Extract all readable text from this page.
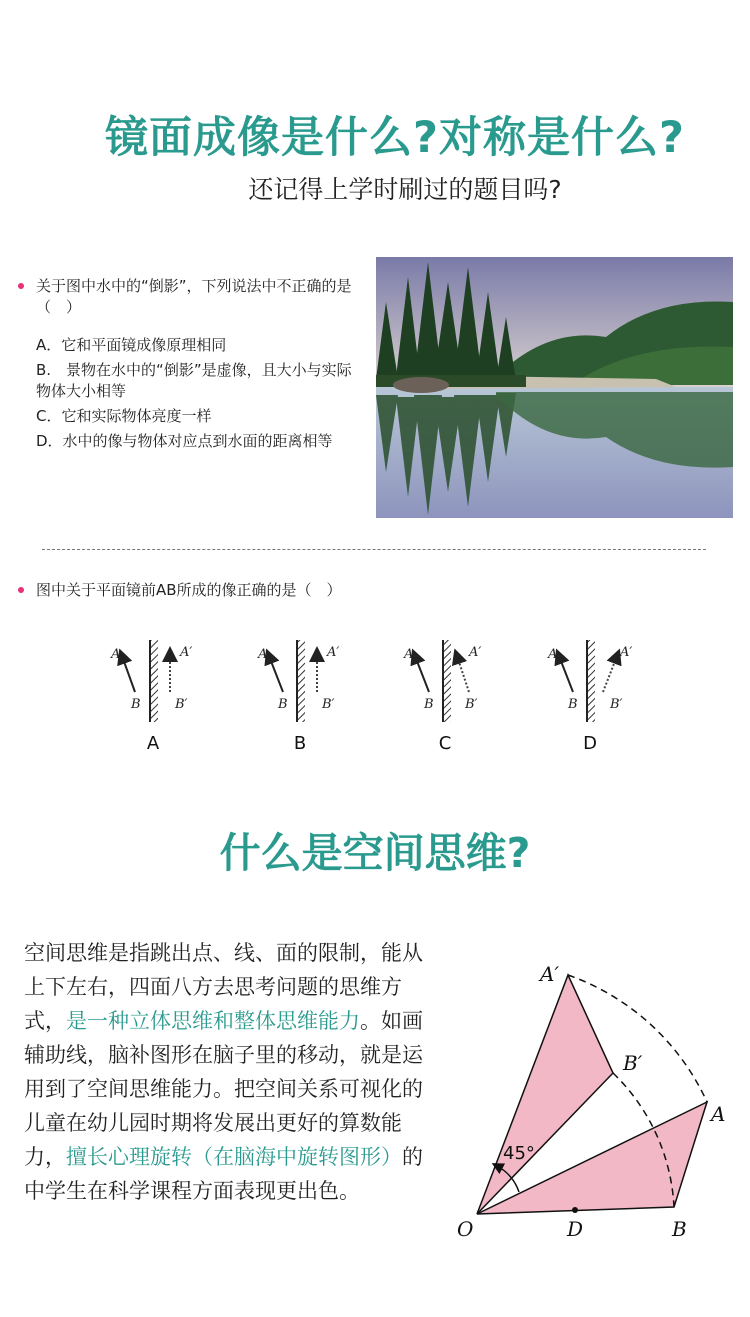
镜面成像是什么?对称是什么?
还记得上学时刷过的题目吗?

关于图中水中的“倒影”，下列说法中不正确的是（　）

A．它和平面镜成像原理相同

B.　景物在水中的“倒影”是虚像，且大小与实际物体大小相等

C．它和实际物体亮度一样

D．水中的像与物体对应点到水面的距离相等

图中关于平面镜前AB所成的像正确的是（　）

A
B
A′
B′
A
B
A′
B′
A
B
A′
B′
A
B
A′
B′
A	B	C	D
什么是空间思维?

空间思维是指跳出点、线、面的限制，能从上下左右，四面八方去思考问题的思维方式，是一种立体思维和整体思维能力。如画辅助线，脑补图形在脑子里的移动，就是运用到了空间思维能力。把空间关系可视化的儿童在幼儿园时期将发展出更好的算数能力，擅长心理旋转（在脑海中旋转图形）的中学生在科学课程方面表现更出色。

O	D	B
A
A′
B′
45°
